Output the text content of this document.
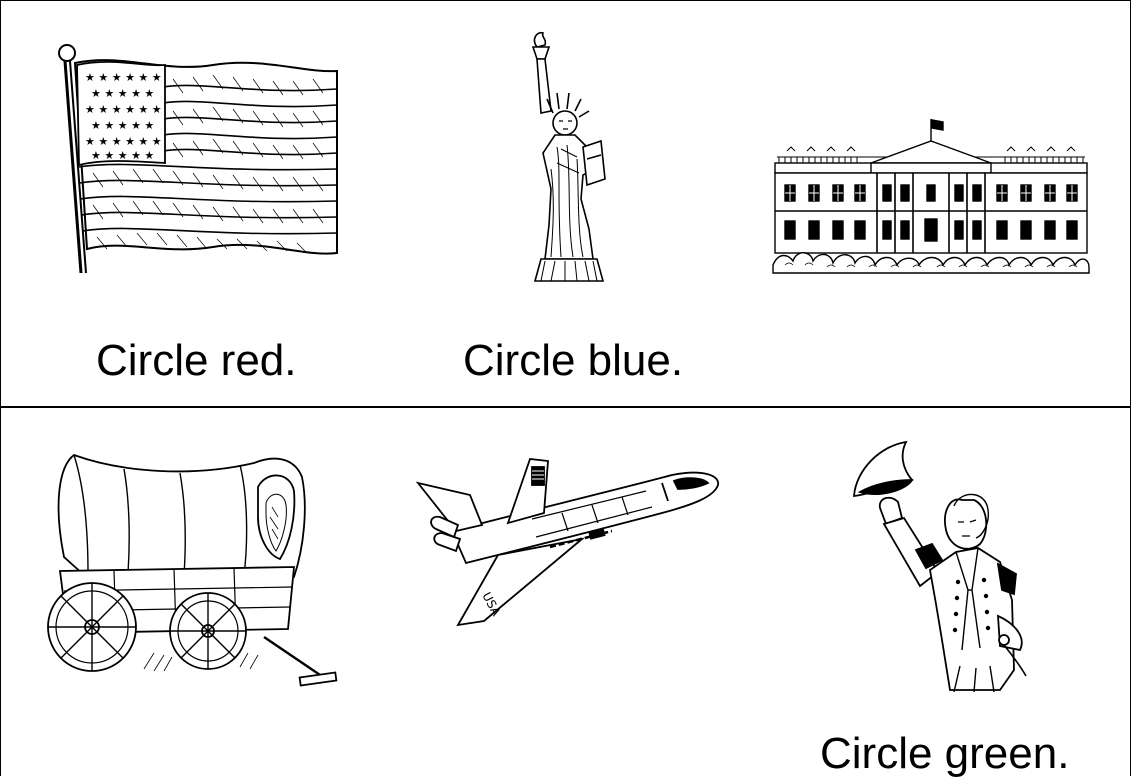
★ ★ ★ ★ ★ ★
★ ★ ★ ★ ★
★ ★ ★ ★ ★ ★
★ ★ ★ ★ ★
★ ★ ★ ★ ★ ★
★ ★ ★ ★ ★
Circle red.	Circle blue.
USA
Circle green.
